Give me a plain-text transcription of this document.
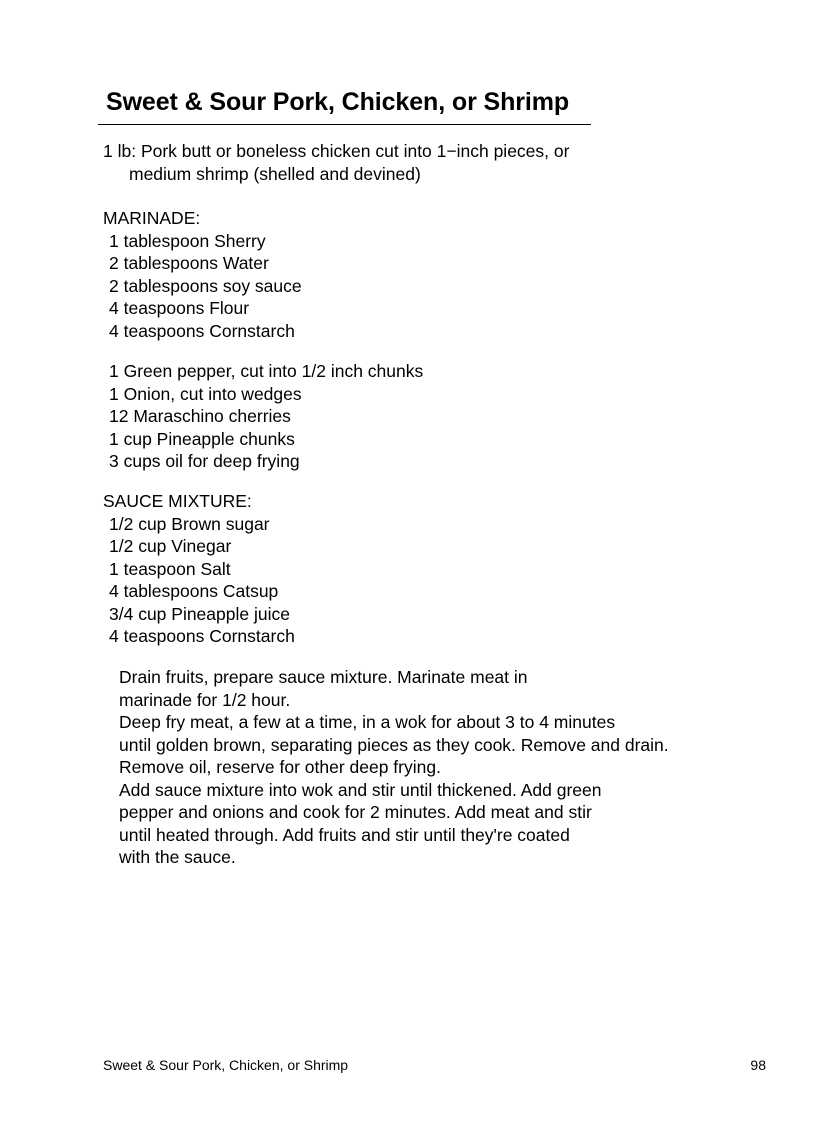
Sweet & Sour Pork, Chicken, or Shrimp
1 lb: Pork butt or boneless chicken cut into 1−inch pieces, or
medium shrimp (shelled and devined)
MARINADE:
1 tablespoon Sherry
2 tablespoons Water
2 tablespoons soy sauce
4 teaspoons Flour
4 teaspoons Cornstarch
1 Green pepper, cut into 1/2 inch chunks
1 Onion, cut into wedges
12 Maraschino cherries
1 cup Pineapple chunks
3 cups oil for deep frying
SAUCE MIXTURE:
1/2 cup Brown sugar
1/2 cup Vinegar
1 teaspoon Salt
4 tablespoons Catsup
3/4 cup Pineapple juice
4 teaspoons Cornstarch
Drain fruits, prepare sauce mixture. Marinate meat in
marinade for 1/2 hour.
Deep fry meat, a few at a time, in a wok for about 3 to 4 minutes
until golden brown, separating pieces as they cook. Remove and drain.
Remove oil, reserve for other deep frying.
Add sauce mixture into wok and stir until thickened. Add green
pepper and onions and cook for 2 minutes. Add meat and stir
until heated through. Add fruits and stir until they're coated
with the sauce.
Sweet & Sour Pork, Chicken, or Shrimp	98
